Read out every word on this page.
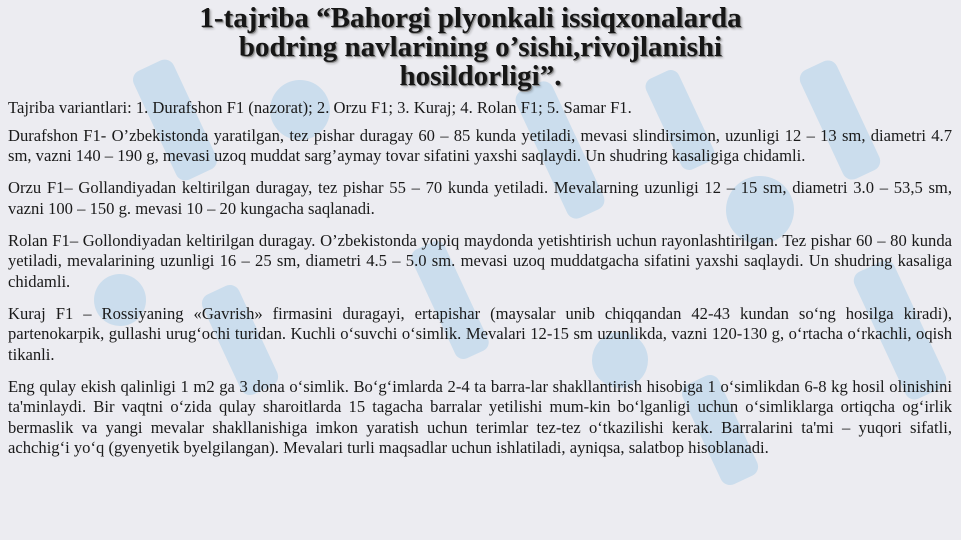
1-tajriba “Bahorgi plyonkali issiqxonalarda
bodring navlarining o’sishi,rivojlanishi
hosildorligi”.

Tajriba variantlari: 1. Durafshon F1 (nazorat); 2. Orzu F1; 3. Kuraj; 4. Rolan F1; 5. Samar F1.

Durafshon F1- O’zbekistonda yaratilgan, tez pishar duragay 60 – 85 kunda yetiladi, mevasi slindirsimon, uzunligi 12 – 13 sm, diametri 4.7 sm, vazni 140 – 190 g, mevasi uzoq muddat sarg’aymay tovar sifatini yaxshi saqlaydi. Un shudring kasaligiga chidamli.

Orzu F1– Gollandiyadan keltirilgan duragay, tez pishar 55 – 70 kunda yetiladi. Mevalarning uzunligi 12 – 15 sm, diametri 3.0 – 53,5 sm, vazni 100 – 150 g. mevasi 10 – 20 kungacha saqlanadi.

Rolan F1– Gollondiyadan keltirilgan duragay. O’zbekistonda yopiq maydonda yetishtirish uchun rayonlashtirilgan. Tez pishar 60 – 80 kunda yetiladi, mevalarining uzunligi 16 – 25 sm, diametri 4.5 – 5.0 sm. mevasi uzoq muddatgacha sifatini yaxshi saqlaydi. Un shudring kasaliga chidamli.

Kuraj F1 – Rossiyaning «Gavrish» firmasini duragayi, ertapishar (maysalar unib chiqqandan 42-43 kundan so‘ng hosilga kiradi), partenokarpik, gullashi urug‘ochi turidan. Kuchli o‘suvchi o‘simlik. Mevalari 12-15 sm uzunlikda, vazni 120-130 g, o‘rtacha o‘rkachli, oqish tikanli.

Eng qulay ekish qalinligi 1 m2 ga 3 dona o‘simlik. Bo‘g‘imlarda 2-4 ta barra-lar shakllantirish hisobiga 1 o‘simlikdan 6-8 kg hosil olinishini ta'minlaydi. Bir vaqtni o‘zida qulay sharoitlarda 15 tagacha barralar yetilishi mum-kin bo‘lganligi uchun o‘simliklarga ortiqcha og‘irlik bermaslik va yangi mevalar shakllanishiga imkon yaratish uchun terimlar tez-tez o‘tkazilishi kerak. Barralarini ta'mi – yuqori sifatli, achchig‘i yo‘q (gyenyetik byelgilangan). Mevalari turli maqsadlar uchun ishlatiladi, ayniqsa, salatbop hisoblanadi.
